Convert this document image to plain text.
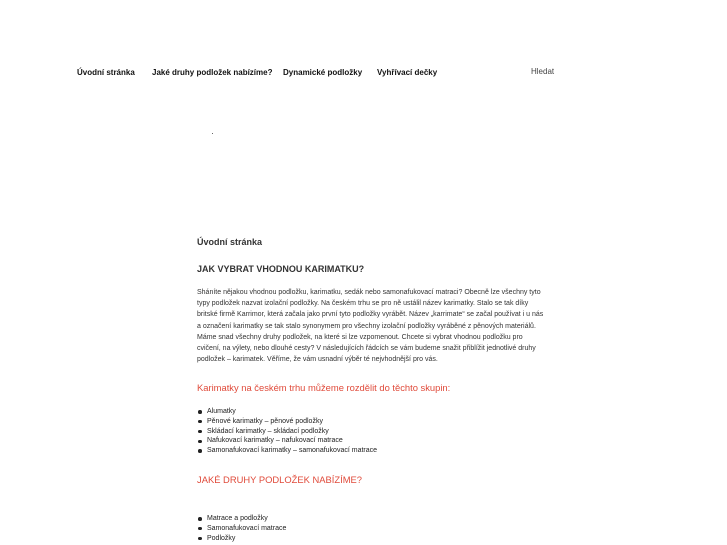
Úvodní stránka Jaké druhy podložek nabízíme? Dynamické podložky Vyhřívací dečky	Hledat
Úvodní stránka
JAK VYBRAT VHODNOU KARIMATKU?

Sháníte nějakou vhodnou podložku, karimatku, sedák nebo samonafukovací matraci? Obecně lze všechny tyto typy podložek nazvat izolační podložky. Na českém trhu se pro ně ustálil název karimatky. Stalo se tak díky britské firmě Karrimor, která začala jako první tyto podložky vyrábět. Název „karrimate“ se začal používat i u nás a označení karimatky se tak stalo synonymem pro všechny izolační podložky vyráběné z pěnových materiálů. Máme snad všechny druhy podložek, na které si lze vzpomenout. Chcete si vybrat vhodnou podložku pro cvičení, na výlety, nebo dlouhé cesty? V následujících řádcích se vám budeme snažit přiblížit jednotlivé druhy podložek – karimatek. Věříme, že vám usnadní výběr té nejvhodnější pro vás.

Karimatky na českém trhu můžeme rozdělit do těchto skupin:
Alumatky
Pěnové karimatky – pěnové podložky
Skládací karimatky – skládací podložky
Nafukovací karimatky – nafukovací matrace
Samonafukovací karimatky – samonafukovací matrace
JAKÉ DRUHY PODLOŽEK NABÍZÍME?
Matrace a podložky
Samonafukovací matrace
Podložky
